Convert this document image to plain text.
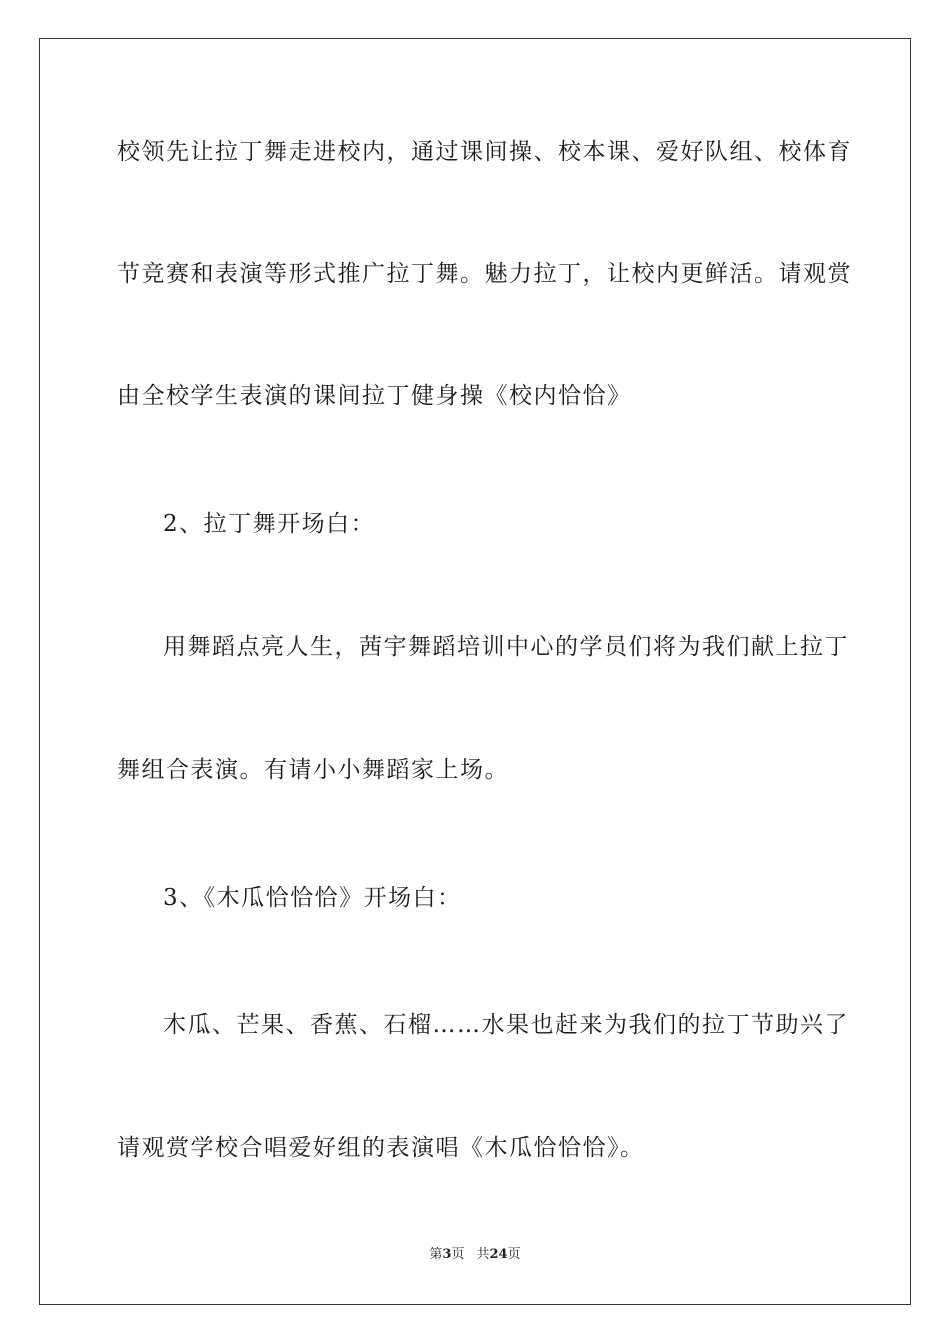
校领先让拉丁舞走进校内，通过课间操、校本课、爱好队组、校体育
节竞赛和表演等形式推广拉丁舞。魅力拉丁，让校内更鲜活。请观赏
由全校学生表演的课间拉丁健身操《校内恰恰》
2、拉丁舞开场白：
用舞蹈点亮人生，茜宇舞蹈培训中心的学员们将为我们献上拉丁
舞组合表演。有请小小舞蹈家上场。
3、《木瓜恰恰恰》开场白：
木瓜、芒果、香蕉、石榴……水果也赶来为我们的拉丁节助兴了
请观赏学校合唱爱好组的表演唱《木瓜恰恰恰》。
第3页 共24页
